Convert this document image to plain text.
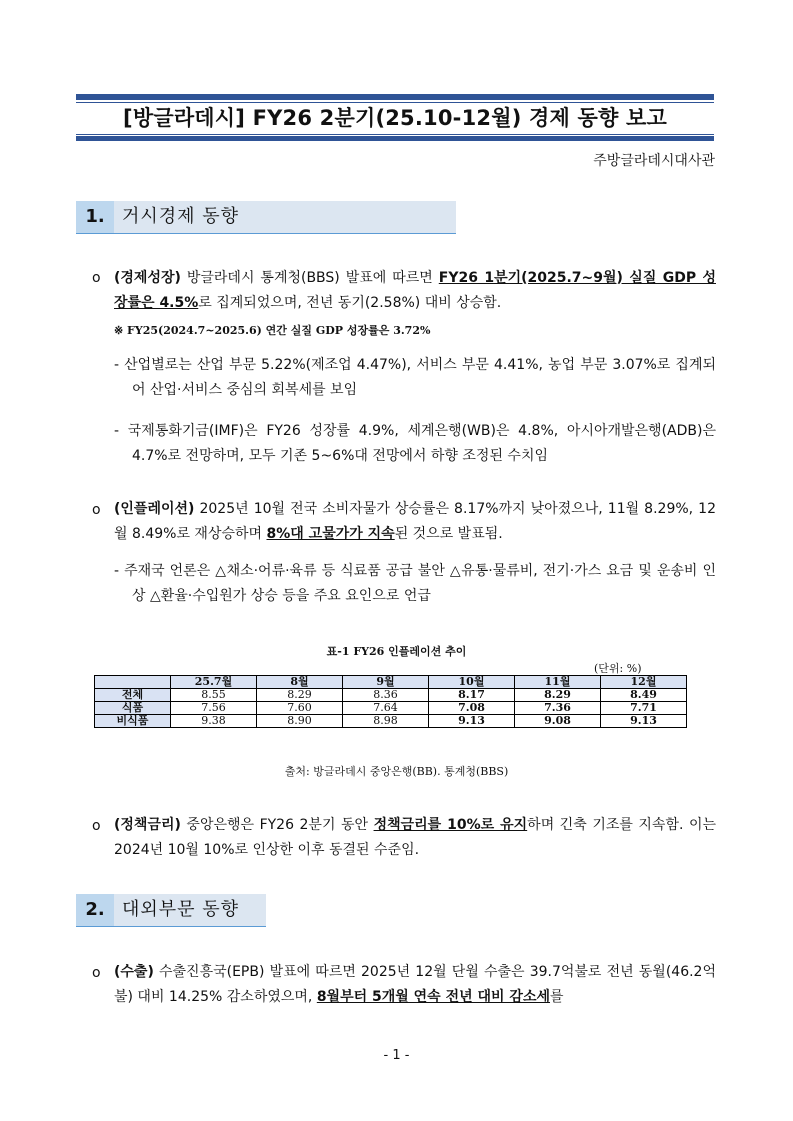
[방글라데시] FY26 2분기(25.10-12월) 경제 동향 보고
주방글라데시대사관
1. 거시경제 동향
o (경제성장) 방글라데시 통계청(BBS) 발표에 따르면 FY26 1분기(2025.7~9월) 실질 GDP 성장률은 4.5%로 집계되었으며, 전년 동기(2.58%) 대비 상승함.
※ FY25(2024.7~2025.6) 연간 실질 GDP 성장률은 3.72%
- 산업별로는 산업 부문 5.22%(제조업 4.47%), 서비스 부문 4.41%, 농업 부문 3.07%로 집계되어 산업·서비스 중심의 회복세를 보임
- 국제통화기금(IMF)은 FY26 성장률 4.9%, 세계은행(WB)은 4.8%, 아시아개발은행(ADB)은 4.7%로 전망하며, 모두 기존 5~6%대 전망에서 하향 조정된 수치임
o (인플레이션) 2025년 10월 전국 소비자물가 상승률은 8.17%까지 낮아졌으나, 11월 8.29%, 12월 8.49%로 재상승하며 8%대 고물가가 지속된 것으로 발표됨.
- 주재국 언론은 △채소·어류·육류 등 식료품 공급 불안 △유통·물류비, 전기·가스 요금 및 운송비 인상 △환율·수입원가 상승 등을 주요 요인으로 언급
표-1 FY26 인플레이션 추이
(단위: %)
	25.7월	8월	9월	10월	11월	12월
전체	8.55	8.29	8.36	8.17	8.29	8.49
식품	7.56	7.60	7.64	7.08	7.36	7.71
비식품	9.38	8.90	8.98	9.13	9.08	9.13
출처: 방글라데시 중앙은행(BB). 통계청(BBS)
o (정책금리) 중앙은행은 FY26 2분기 동안 정책금리를 10%로 유지하며 긴축 기조를 지속함. 이는 2024년 10월 10%로 인상한 이후 동결된 수준임.
2. 대외부문 동향
o (수출) 수출진흥국(EPB) 발표에 따르면 2025년 12월 단월 수출은 39.7억불로 전년 동월(46.2억불) 대비 14.25% 감소하였으며, 8월부터 5개월 연속 전년 대비 감소세를
- 1 -
